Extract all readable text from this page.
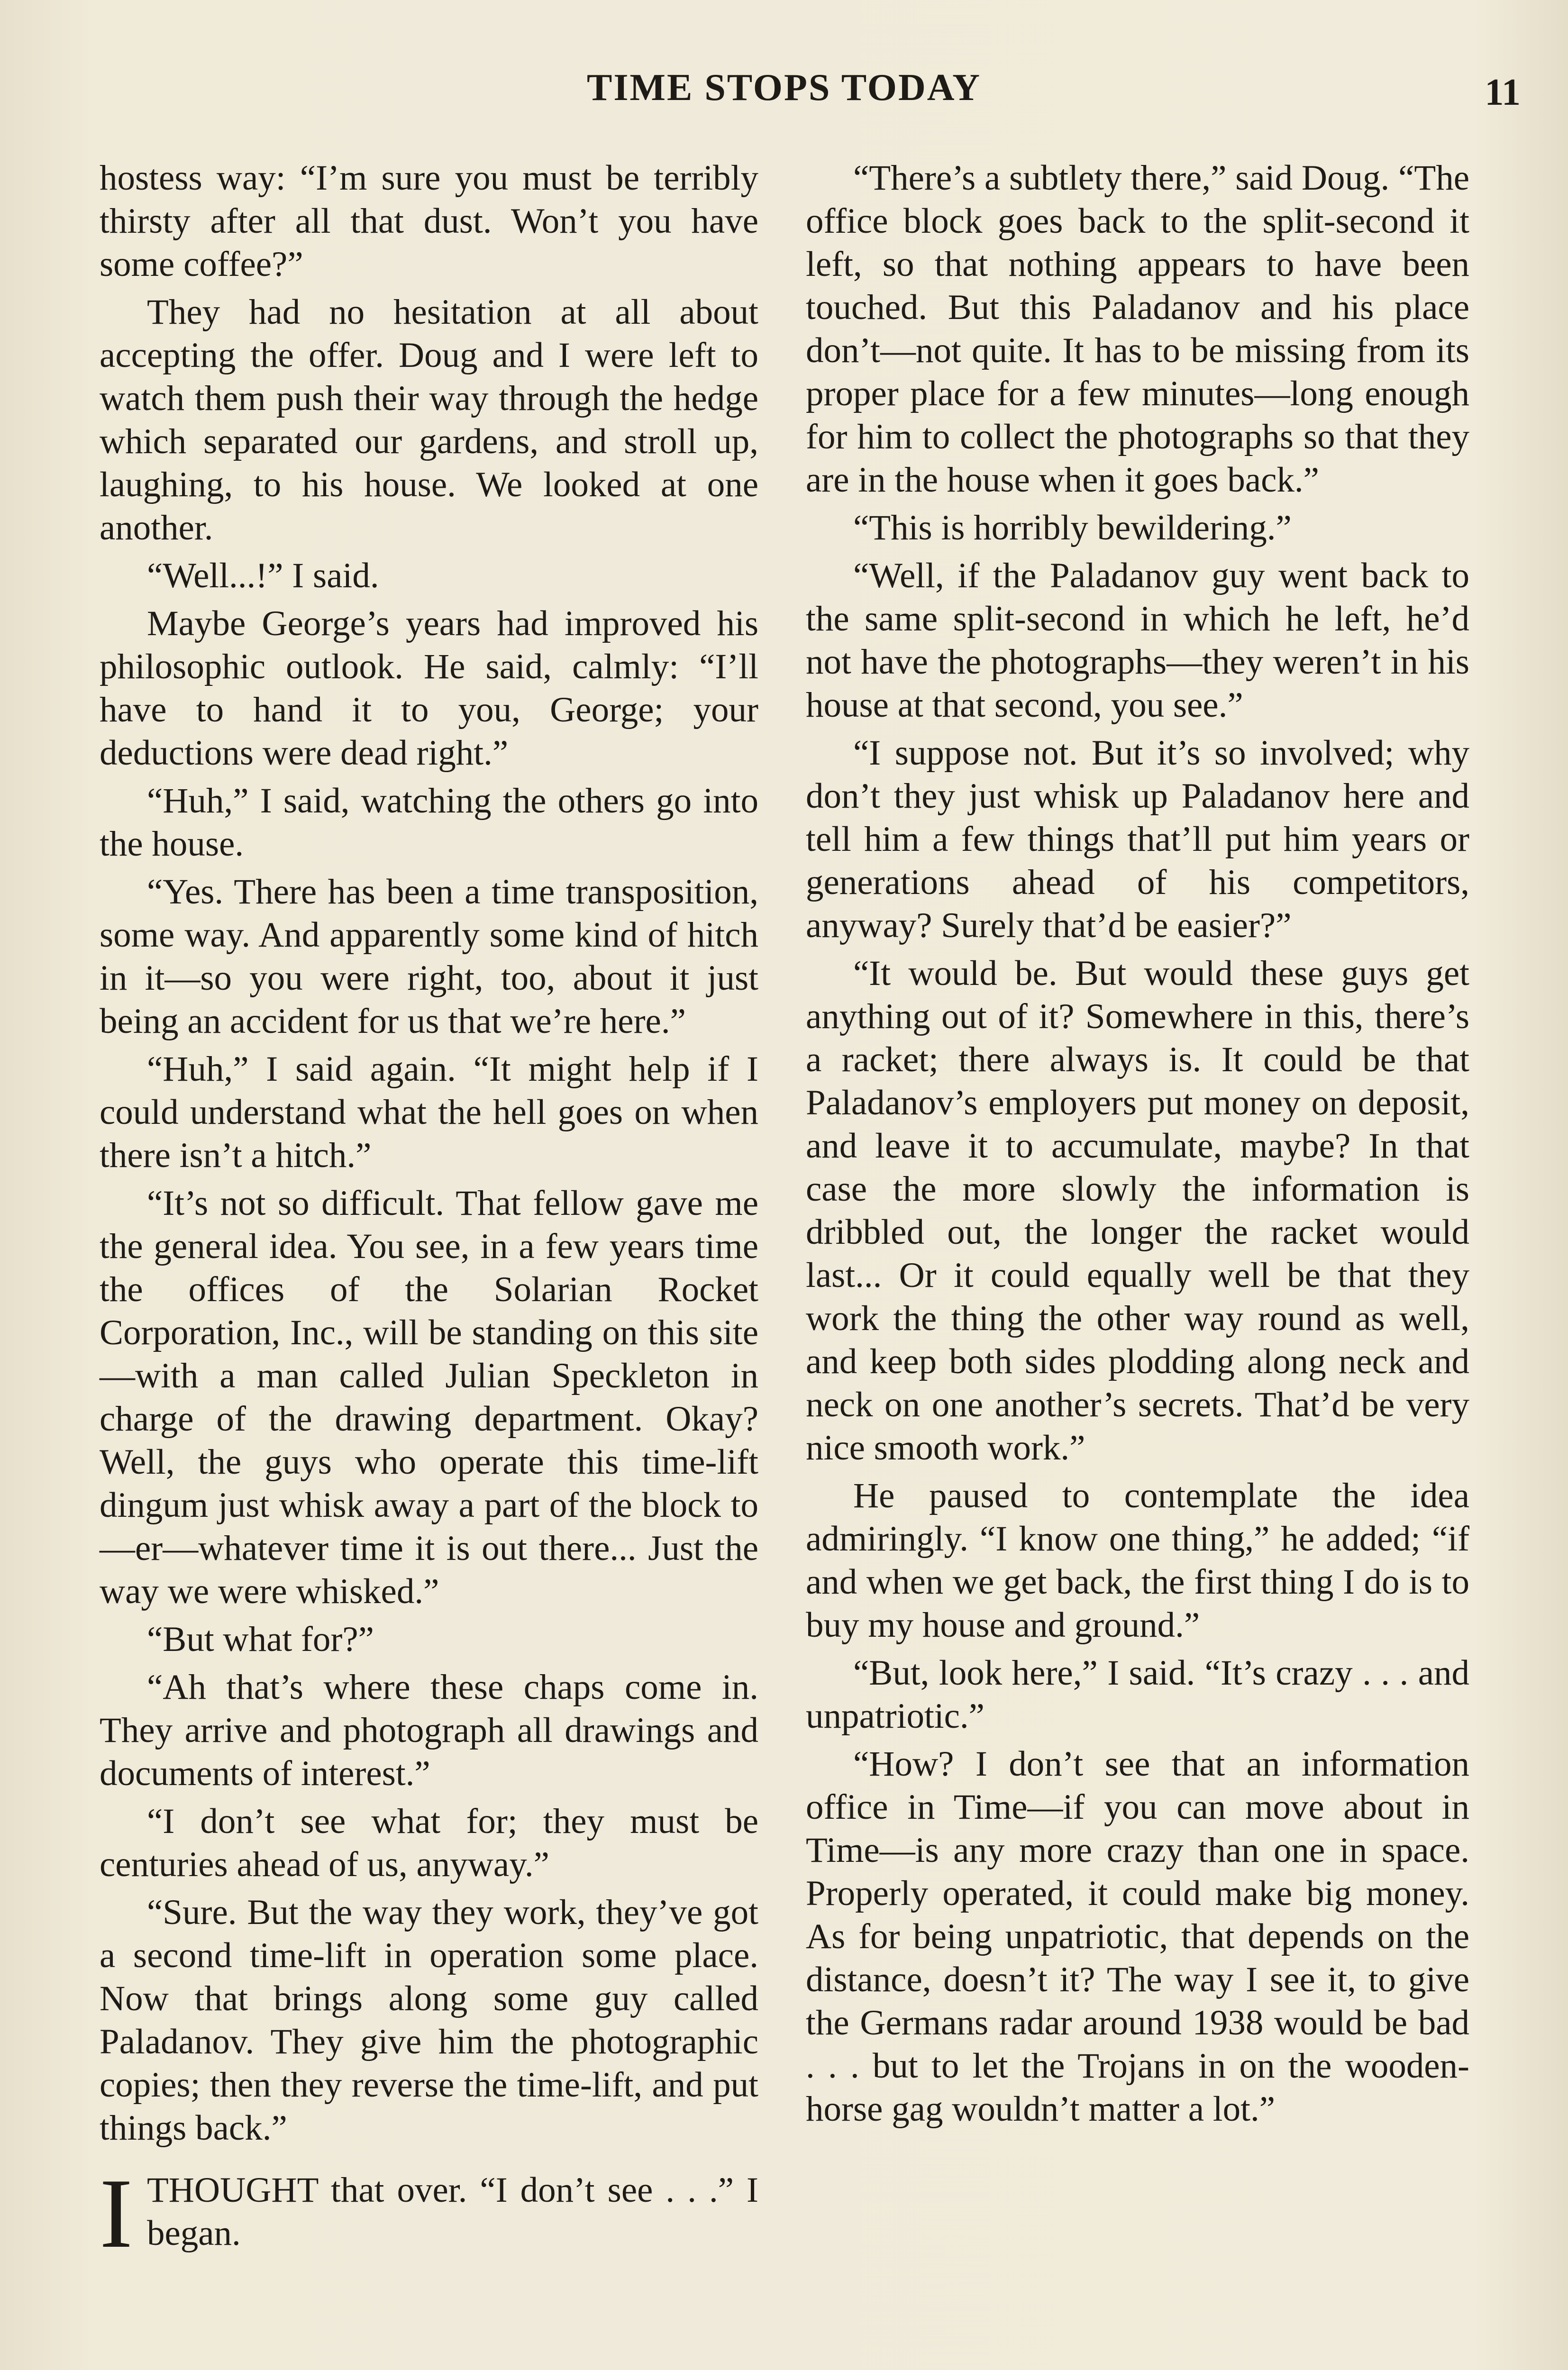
TIME STOPS TODAY	11

hostess way: “I’m sure you must be terribly thirsty after all that dust. Won’t you have some coffee?”

They had no hesitation at all about accepting the offer. Doug and I were left to watch them push their way through the hedge which separated our gardens, and stroll up, laughing, to his house. We looked at one another.

“Well...!” I said.

Maybe George’s years had improved his philosophic outlook. He said, calmly: “I’ll have to hand it to you, George; your deductions were dead right.”

“Huh,” I said, watching the others go into the house.

“Yes. There has been a time transposition, some way. And apparently some kind of hitch in it—so you were right, too, about it just being an accident for us that we’re here.”

“Huh,” I said again. “It might help if I could understand what the hell goes on when there isn’t a hitch.”

“It’s not so difficult. That fellow gave me the general idea. You see, in a few years time the offices of the Solarian Rocket Corporation, Inc., will be standing on this site—with a man called Julian Speckleton in charge of the drawing department. Okay? Well, the guys who operate this time-lift dingum just whisk away a part of the block to—er—whatever time it is out there... Just the way we were whisked.”

“But what for?”

“Ah that’s where these chaps come in. They arrive and photograph all drawings and documents of interest.”

“I don’t see what for; they must be centuries ahead of us, anyway.”

“Sure. But the way they work, they’ve got a second time-lift in operation some place. Now that brings along some guy called Paladanov. They give him the photographic copies; then they reverse the time-lift, and put things back.”

I THOUGHT that over. “I don’t see . . .” I began.

“There’s a subtlety there,” said Doug. “The office block goes back to the split-second it left, so that nothing appears to have been touched. But this Paladanov and his place don’t—not quite. It has to be missing from its proper place for a few minutes—long enough for him to collect the photographs so that they are in the house when it goes back.”

“This is horribly bewildering.”

“Well, if the Paladanov guy went back to the same split-second in which he left, he’d not have the photographs—they weren’t in his house at that second, you see.”

“I suppose not. But it’s so involved; why don’t they just whisk up Paladanov here and tell him a few things that’ll put him years or generations ahead of his competitors, anyway? Surely that’d be easier?”

“It would be. But would these guys get anything out of it? Somewhere in this, there’s a racket; there always is. It could be that Paladanov’s employers put money on deposit, and leave it to accumulate, maybe? In that case the more slowly the information is dribbled out, the longer the racket would last... Or it could equally well be that they work the thing the other way round as well, and keep both sides plodding along neck and neck on one another’s secrets. That’d be very nice smooth work.”

He paused to contemplate the idea admiringly. “I know one thing,” he added; “if and when we get back, the first thing I do is to buy my house and ground.”

“But, look here,” I said. “It’s crazy . . . and unpatriotic.”

“How? I don’t see that an information office in Time—if you can move about in Time—is any more crazy than one in space. Properly operated, it could make big money. As for being unpatriotic, that depends on the distance, doesn’t it? The way I see it, to give the Germans radar around 1938 would be bad . . . but to let the Trojans in on the wooden-horse gag wouldn’t matter a lot.”
